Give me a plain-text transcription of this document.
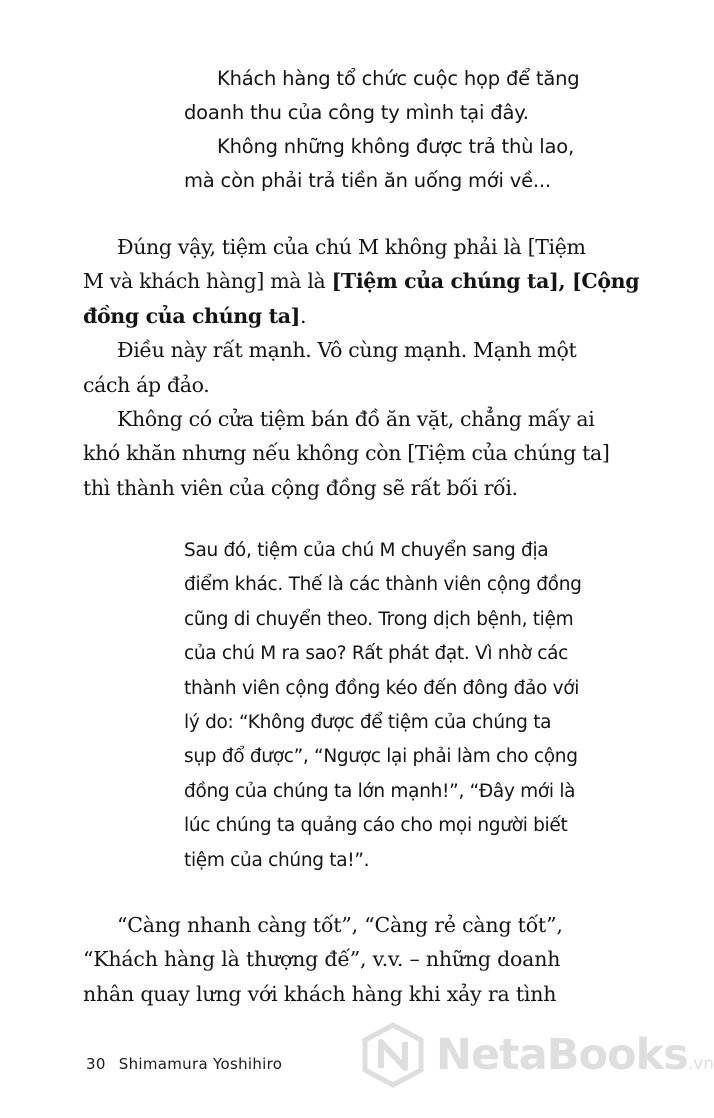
Khách hàng tổ chức cuộc họp để tăng
doanh thu của công ty mình tại đây.
Không những không được trả thù lao,
mà còn phải trả tiền ăn uống mới về...
Đúng vậy, tiệm của chú M không phải là [Tiệm
M và khách hàng] mà là [Tiệm của chúng ta], [Cộng
đồng của chúng ta].
Điều này rất mạnh. Vô cùng mạnh. Mạnh một
cách áp đảo.
Không có cửa tiệm bán đồ ăn vặt, chẳng mấy ai
khó khăn nhưng nếu không còn [Tiệm của chúng ta]
thì thành viên của cộng đồng sẽ rất bối rối.
Sau đó, tiệm của chú M chuyển sang địa
điểm khác. Thế là các thành viên cộng đồng
cũng di chuyển theo. Trong dịch bệnh, tiệm
của chú M ra sao? Rất phát đạt. Vì nhờ các
thành viên cộng đồng kéo đến đông đảo với
lý do: “Không được để tiệm của chúng ta
sụp đổ được”, “Ngược lại phải làm cho cộng
đồng của chúng ta lớn mạnh!”, “Đây mới là
lúc chúng ta quảng cáo cho mọi người biết
tiệm của chúng ta!”.
“Càng nhanh càng tốt”, “Càng rẻ càng tốt”,
“Khách hàng là thượng đế”, v.v. – những doanh
nhân quay lưng với khách hàng khi xảy ra tình
30 Shimamura Yoshihiro	NetaBooks.vn
